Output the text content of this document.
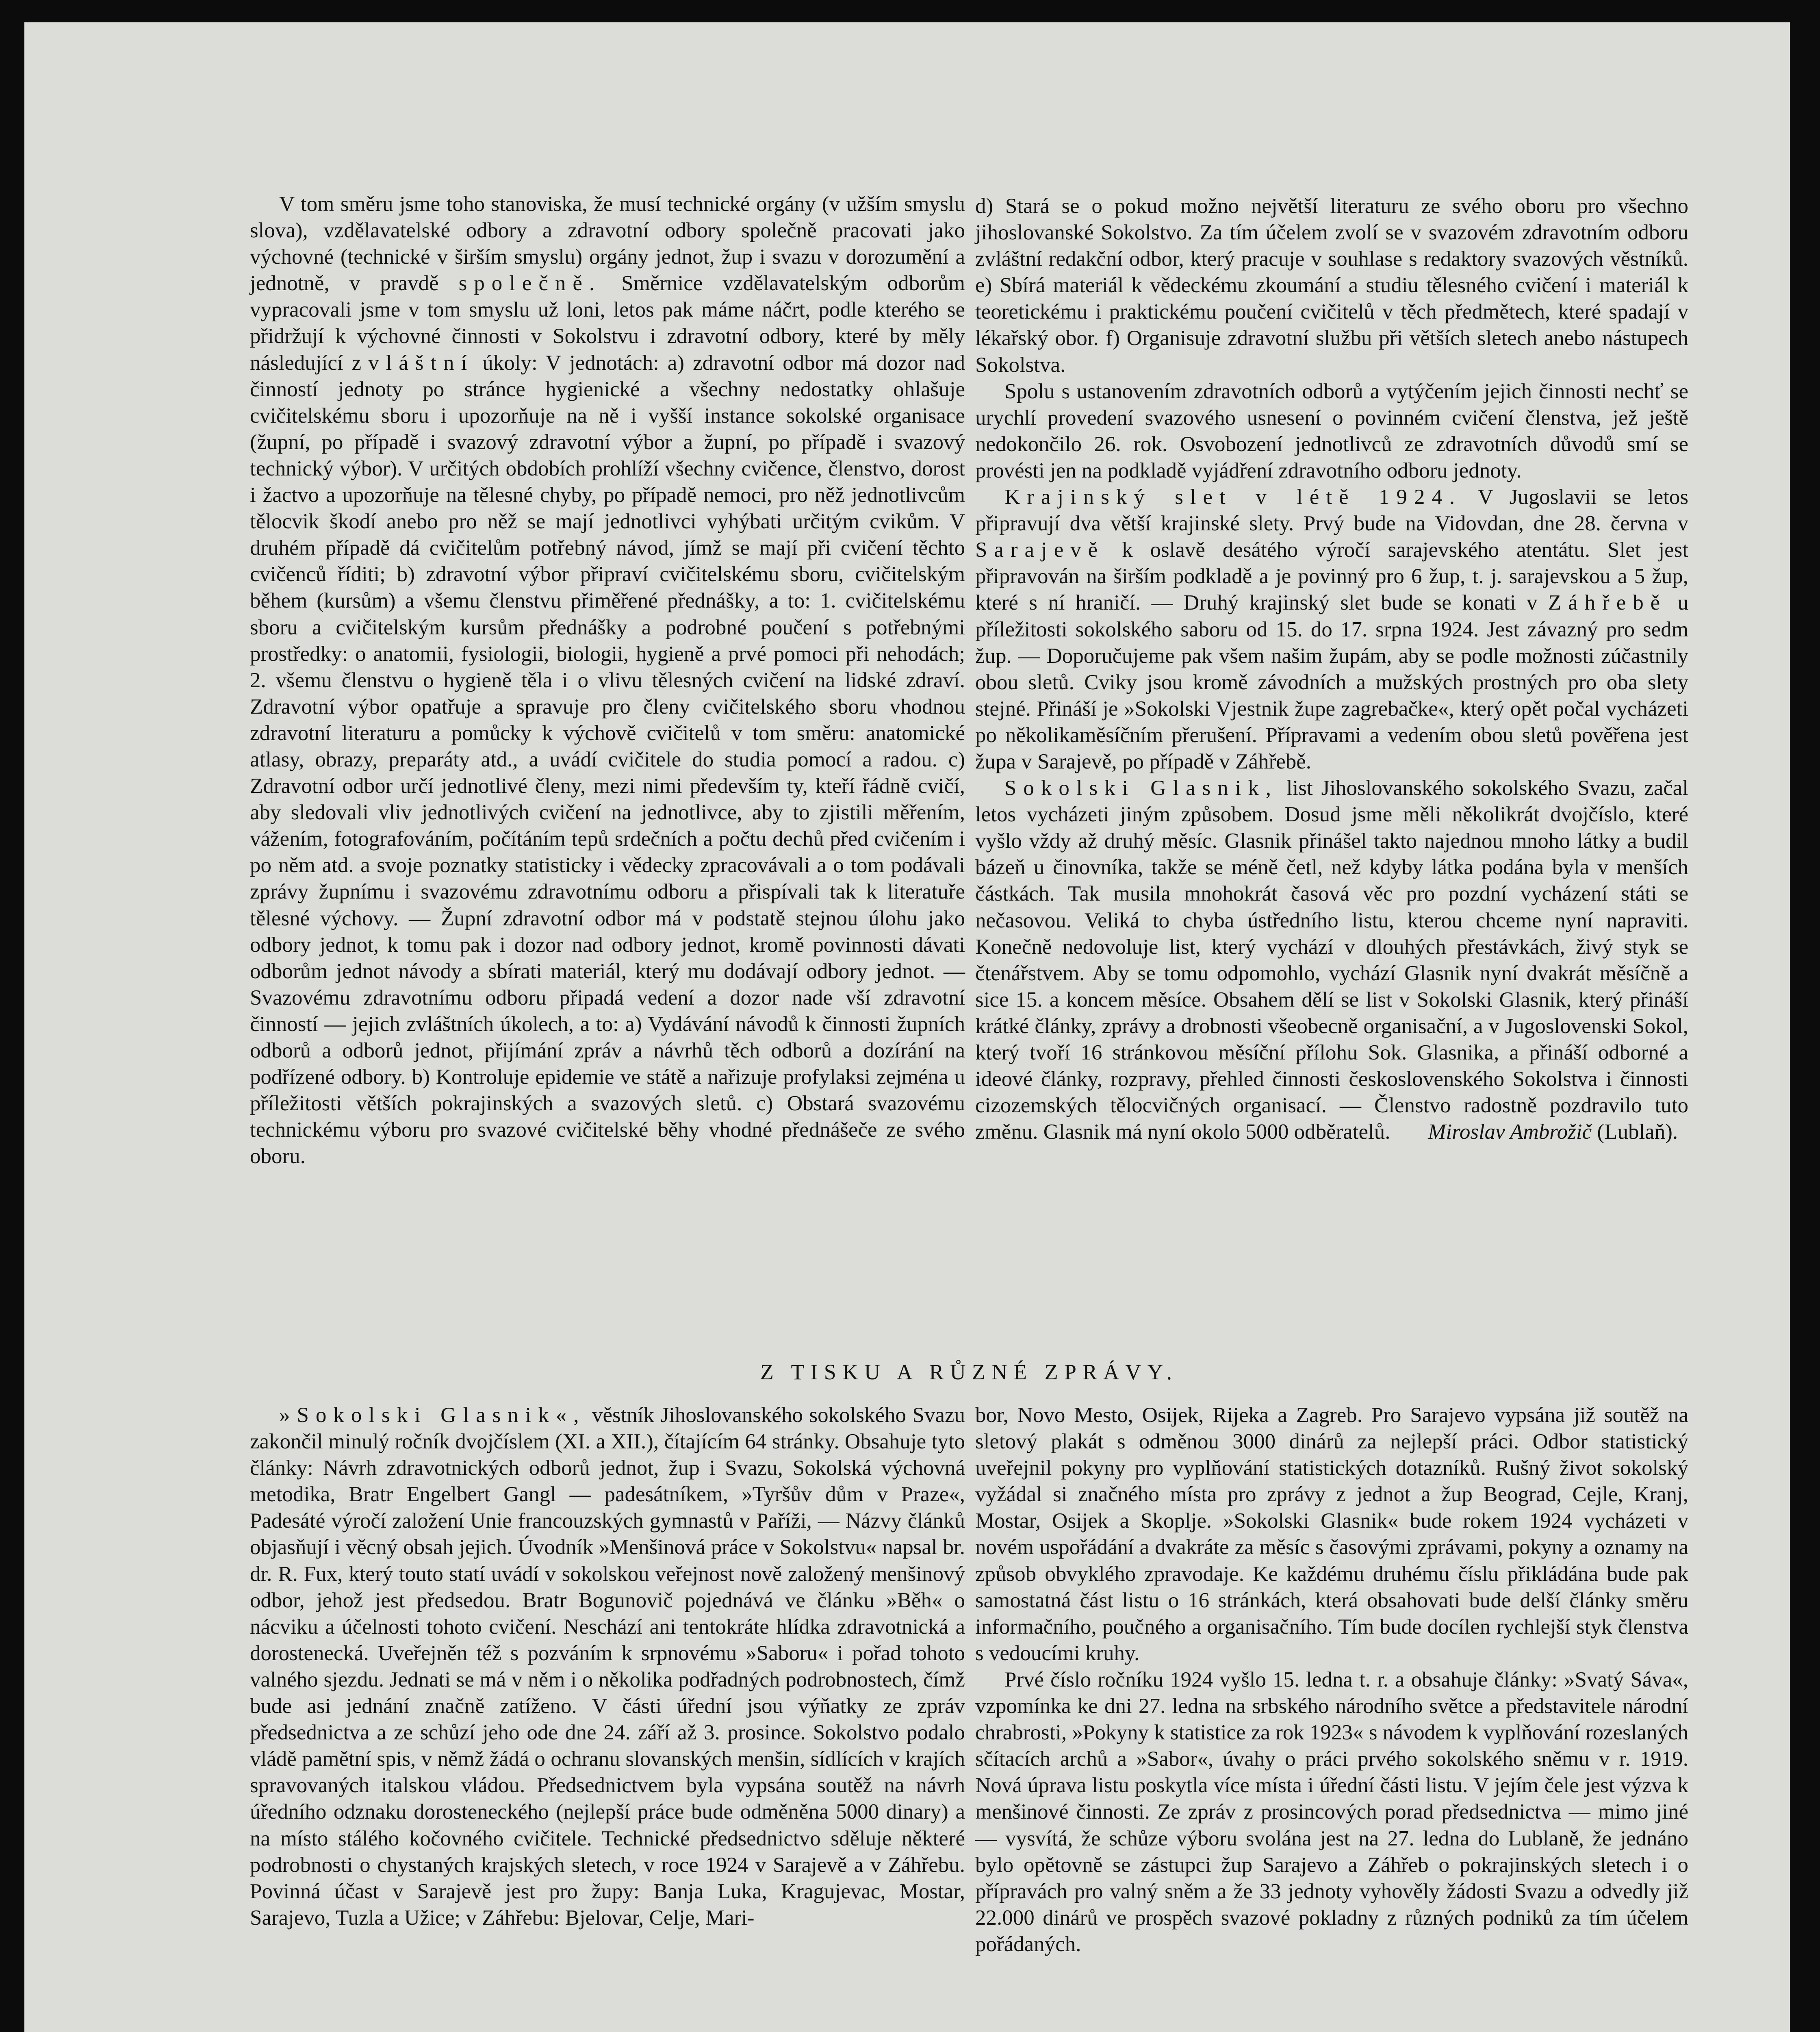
V tom směru jsme toho stanoviska, že musí technické orgány (v užším smyslu slova), vzdělavatelské odbory a zdravotní odbory společně pracovati jako výchovné (technické v širším smyslu) orgány jednot, žup i svazu v dorozumění a jednotně, v pravdě společně. Směrnice vzdělavatelským odborům vypracovali jsme v tom smyslu už loni, letos pak máme náčrt, podle kterého se přidržují k výchovné činnosti v Sokolstvu i zdravotní odbory, které by měly následující zvláštní úkoly: V jednotách: a) zdravotní odbor má dozor nad činností jednoty po stránce hygienické a všechny nedostatky ohlašuje cvičitelskému sboru i upozorňuje na ně i vyšší instance sokolské organisace (župní, po případě i svazový zdravotní výbor a župní, po případě i svazový technický výbor). V určitých obdobích prohlíží všechny cvičence, členstvo, dorost i žactvo a upozorňuje na tělesné chyby, po případě nemoci, pro něž jednotlivcům tělocvik škodí anebo pro něž se mají jednotlivci vyhýbati určitým cvikům. V druhém případě dá cvičitelům potřebný návod, jímž se mají při cvičení těchto cvičenců říditi; b) zdravotní výbor připraví cvičitelskému sboru, cvičitelským během (kursům) a všemu členstvu přiměřené přednášky, a to: 1. cvičitelskému sboru a cvičitelským kursům přednášky a podrobné poučení s potřebnými prostředky: o anatomii, fysiologii, biologii, hygieně a prvé pomoci při nehodách; 2. všemu členstvu o hygieně těla i o vlivu tělesných cvičení na lidské zdraví. Zdravotní výbor opatřuje a spravuje pro členy cvičitelského sboru vhodnou zdravotní literaturu a pomůcky k výchově cvičitelů v tom směru: anatomické atlasy, obrazy, preparáty atd., a uvádí cvičitele do studia pomocí a radou. c) Zdravotní odbor určí jednotlivé členy, mezi nimi především ty, kteří řádně cvičí, aby sledovali vliv jednotlivých cvičení na jednotlivce, aby to zjistili měřením, vážením, fotografováním, počítáním tepů srdečních a počtu dechů před cvičením i po něm atd. a svoje poznatky statisticky i vědecky zpracovávali a o tom podávali zprávy župnímu i svazovému zdravotnímu odboru a přispívali tak k literatuře tělesné výchovy. — Župní zdravotní odbor má v podstatě stejnou úlohu jako odbory jednot, k tomu pak i dozor nad odbory jednot, kromě povinnosti dávati odborům jednot návody a sbírati materiál, který mu dodávají odbory jednot. — Svazovému zdravotnímu odboru připadá vedení a dozor nade vší zdravotní činností — jejich zvláštních úkolech, a to: a) Vydávání návodů k činnosti župních odborů a odborů jednot, přijímání zpráv a návrhů těch odborů a dozírání na podřízené odbory. b) Kontroluje epidemie ve státě a nařizuje profylaksi zejména u příležitosti větších pokrajinských a svazových sletů. c) Obstará svazovému technickému výboru pro svazové cvičitelské běhy vhodné přednášeče ze svého oboru.

d) Stará se o pokud možno největší literaturu ze svého oboru pro všechno jihoslovanské Sokolstvo. Za tím účelem zvolí se v svazovém zdravotním odboru zvláštní redakční odbor, který pracuje v souhlase s redaktory svazových věstníků. e) Sbírá materiál k vědeckému zkoumání a studiu tělesného cvičení i materiál k teoretickému i praktickému poučení cvičitelů v těch předmětech, které spadají v lékařský obor. f) Organisuje zdravotní službu při větších sletech anebo nástupech Sokolstva.

Spolu s ustanovením zdravotních odborů a vytýčením jejich činnosti nechť se urychlí provedení svazového usnesení o povinném cvičení členstva, jež ještě nedokončilo 26. rok. Osvobození jednotlivců ze zdravotních důvodů smí se provésti jen na podkladě vyjádření zdravotního odboru jednoty.

Krajinský slet v létě 1924. V Jugoslavii se letos připravují dva větší krajinské slety. Prvý bude na Vidovdan, dne 28. června v Sarajevě k oslavě desátého výročí sarajevského atentátu. Slet jest připravován na širším podkladě a je povinný pro 6 žup, t. j. sarajevskou a 5 žup, které s ní hraničí. — Druhý krajinský slet bude se konati v Záhřebě u příležitosti sokolského saboru od 15. do 17. srpna 1924. Jest závazný pro sedm žup. — Doporučujeme pak všem našim župám, aby se podle možnosti zúčastnily obou sletů. Cviky jsou kromě závodních a mužských prostných pro oba slety stejné. Přináší je »Sokolski Vjestnik župe zagrebačke«, který opět počal vycházeti po několikaměsíčním přerušení. Přípravami a vedením obou sletů pověřena jest župa v Sarajevě, po případě v Záhřebě.

Sokolski Glasnik, list Jihoslovanského sokolského Svazu, začal letos vycházeti jiným způsobem. Dosud jsme měli několikrát dvojčíslo, které vyšlo vždy až druhý měsíc. Glasnik přinášel takto najednou mnoho látky a budil bázeň u činovníka, takže se méně četl, než kdyby látka podána byla v menších částkách. Tak musila mnohokrát časová věc pro pozdní vycházení státi se nečasovou. Veliká to chyba ústředního listu, kterou chceme nyní napraviti. Konečně nedovoluje list, který vychází v dlouhých přestávkách, živý styk se čtenářstvem. Aby se tomu odpomohlo, vychází Glasnik nyní dvakrát měsíčně a sice 15. a koncem měsíce. Obsahem dělí se list v Sokolski Glasnik, který přináší krátké články, zprávy a drobnosti všeobecně organisační, a v Jugoslovenski Sokol, který tvoří 16 stránkovou měsíční přílohu Sok. Glasnika, a přináší odborné a ideové články, rozpravy, přehled činnosti československého Sokolstva i činnosti cizozemských tělocvičných organisací. — Členstvo radostně pozdravilo tuto změnu. Glasnik má nyní okolo 5000 odběratelů. Miroslav Ambrožič (Lublaň).

Z TISKU A RŮZNÉ ZPRÁVY.

»Sokolski Glasnik«, věstník Jihoslovanského sokolského Svazu zakončil minulý ročník dvojčíslem (XI. a XII.), čítajícím 64 stránky. Obsahuje tyto články: Návrh zdravotnických odborů jednot, žup i Svazu, Sokolská výchovná metodika, Bratr Engelbert Gangl — padesátníkem, »Tyršův dům v Praze«, Padesáté výročí založení Unie francouzských gymnastů v Paříži, — Názvy článků objasňují i věcný obsah jejich. Úvodník »Menšinová práce v Sokolstvu« napsal br. dr. R. Fux, který touto statí uvádí v sokolskou veřejnost nově založený menšinový odbor, jehož jest předsedou. Bratr Bogunovič pojednává ve článku »Běh« o nácviku a účelnosti tohoto cvičení. Neschází ani tentokráte hlídka zdravotnická a dorostenecká. Uveřejněn též s pozváním k srpnovému »Saboru« i pořad tohoto valného sjezdu. Jednati se má v něm i o několika podřadných podrobnostech, čímž bude asi jednání značně zatíženo. V části úřední jsou výňatky ze zpráv předsednictva a ze schůzí jeho ode dne 24. září až 3. prosince. Sokolstvo podalo vládě pamětní spis, v němž žádá o ochranu slovanských menšin, sídlících v krajích spravovaných italskou vládou. Předsednictvem byla vypsána soutěž na návrh úředního odznaku dorosteneckého (nejlepší práce bude odměněna 5000 dinary) a na místo stálého kočovného cvičitele. Technické předsednictvo sděluje některé podrobnosti o chystaných krajských sletech, v roce 1924 v Sarajevě a v Záhřebu. Povinná účast v Sarajevě jest pro župy: Banja Luka, Kragujevac, Mostar, Sarajevo, Tuzla a Užice; v Záhřebu: Bjelovar, Celje, Mari-

bor, Novo Mesto, Osijek, Rijeka a Zagreb. Pro Sarajevo vypsána již soutěž na sletový plakát s odměnou 3000 dinárů za nejlepší práci. Odbor statistický uveřejnil pokyny pro vyplňování statistických dotazníků. Rušný život sokolský vyžádal si značného místa pro zprávy z jednot a žup Beograd, Cejle, Kranj, Mostar, Osijek a Skoplje. »Sokolski Glasnik« bude rokem 1924 vycházeti v novém uspořádání a dvakráte za měsíc s časovými zprávami, pokyny a oznamy na způsob obvyklého zpravodaje. Ke každému druhému číslu přikládána bude pak samostatná část listu o 16 stránkách, která obsahovati bude delší články směru informačního, poučného a organisačního. Tím bude docílen rychlejší styk členstva s vedoucími kruhy.

Prvé číslo ročníku 1924 vyšlo 15. ledna t. r. a obsahuje články: »Svatý Sáva«, vzpomínka ke dni 27. ledna na srbského národního světce a představitele národní chrabrosti, »Pokyny k statistice za rok 1923« s návodem k vyplňování rozeslaných sčítacích archů a »Sabor«, úvahy o práci prvého sokolského sněmu v r. 1919. Nová úprava listu poskytla více místa i úřední části listu. V jejím čele jest výzva k menšinové činnosti. Ze zpráv z prosincových porad předsednictva — mimo jiné — vysvítá, že schůze výboru svolána jest na 27. ledna do Lublaně, že jednáno bylo opětovně se zástupci žup Sarajevo a Záhřeb o pokrajinských sletech i o přípravách pro valný sněm a že 33 jednoty vyhověly žádosti Svazu a odvedly již 22.000 dinárů ve prospěch svazové pokladny z různých podniků za tím účelem pořádaných.
